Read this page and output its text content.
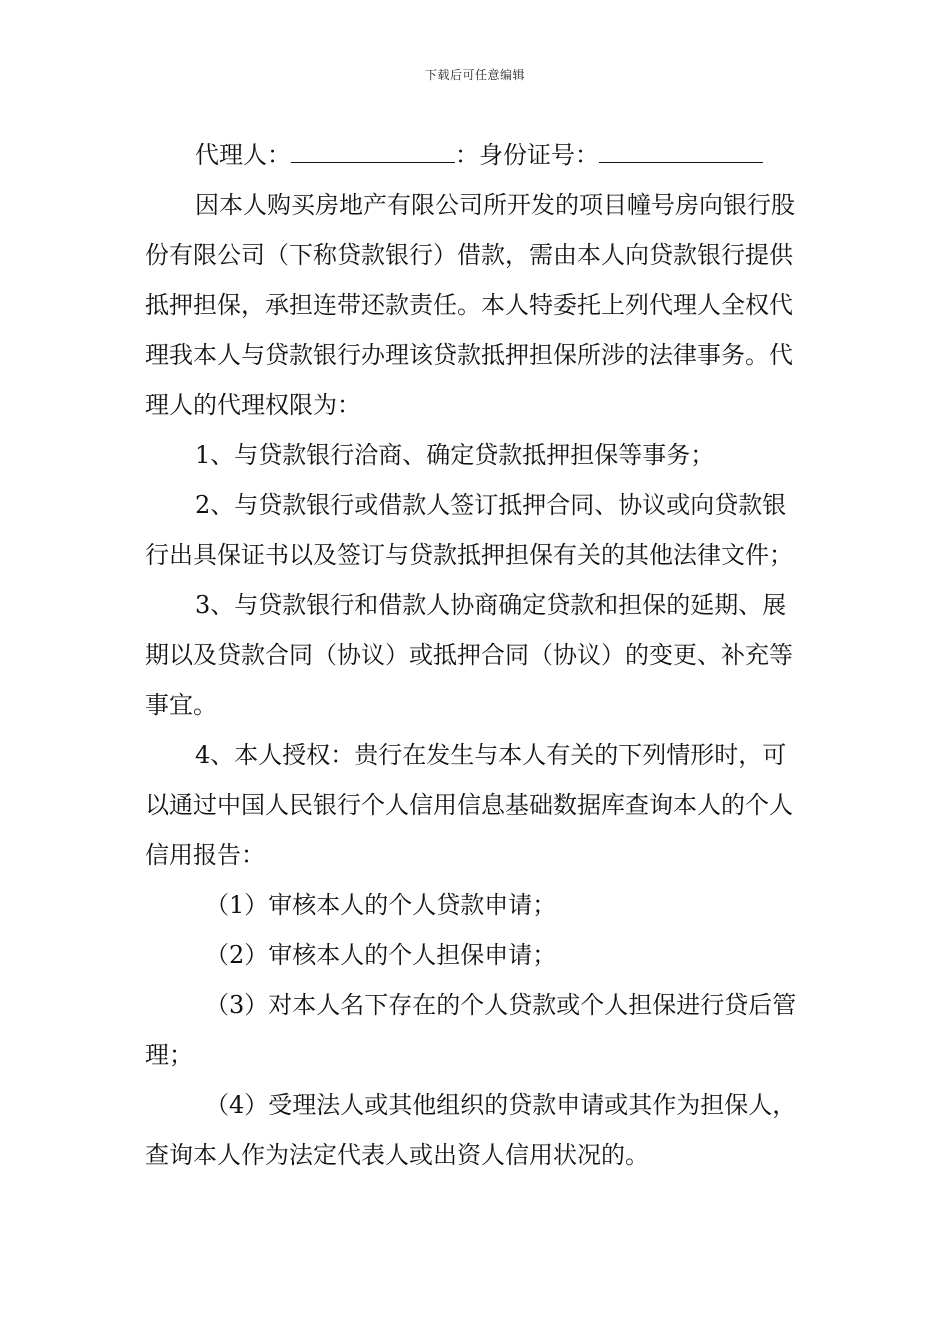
下载后可任意编辑

代理人：	：身份证号：

因本人购买房地产有限公司所开发的项目幢号房向银行股份有限公司（下称贷款银行）借款，需由本人向贷款银行提供抵押担保，承担连带还款责任。本人特委托上列代理人全权代理我本人与贷款银行办理该贷款抵押担保所涉的法律事务。代理人的代理权限为：

1、与贷款银行洽商、确定贷款抵押担保等事务；

2、与贷款银行或借款人签订抵押合同、协议或向贷款银行出具保证书以及签订与贷款抵押担保有关的其他法律文件；

3、与贷款银行和借款人协商确定贷款和担保的延期、展期以及贷款合同（协议）或抵押合同（协议）的变更、补充等事宜。

4、本人授权：贵行在发生与本人有关的下列情形时，可以通过中国人民银行个人信用信息基础数据库查询本人的个人信用报告：

（1）审核本人的个人贷款申请；

（2）审核本人的个人担保申请；

（3）对本人名下存在的个人贷款或个人担保进行贷后管理；

（4）受理法人或其他组织的贷款申请或其作为担保人，查询本人作为法定代表人或出资人信用状况的。
